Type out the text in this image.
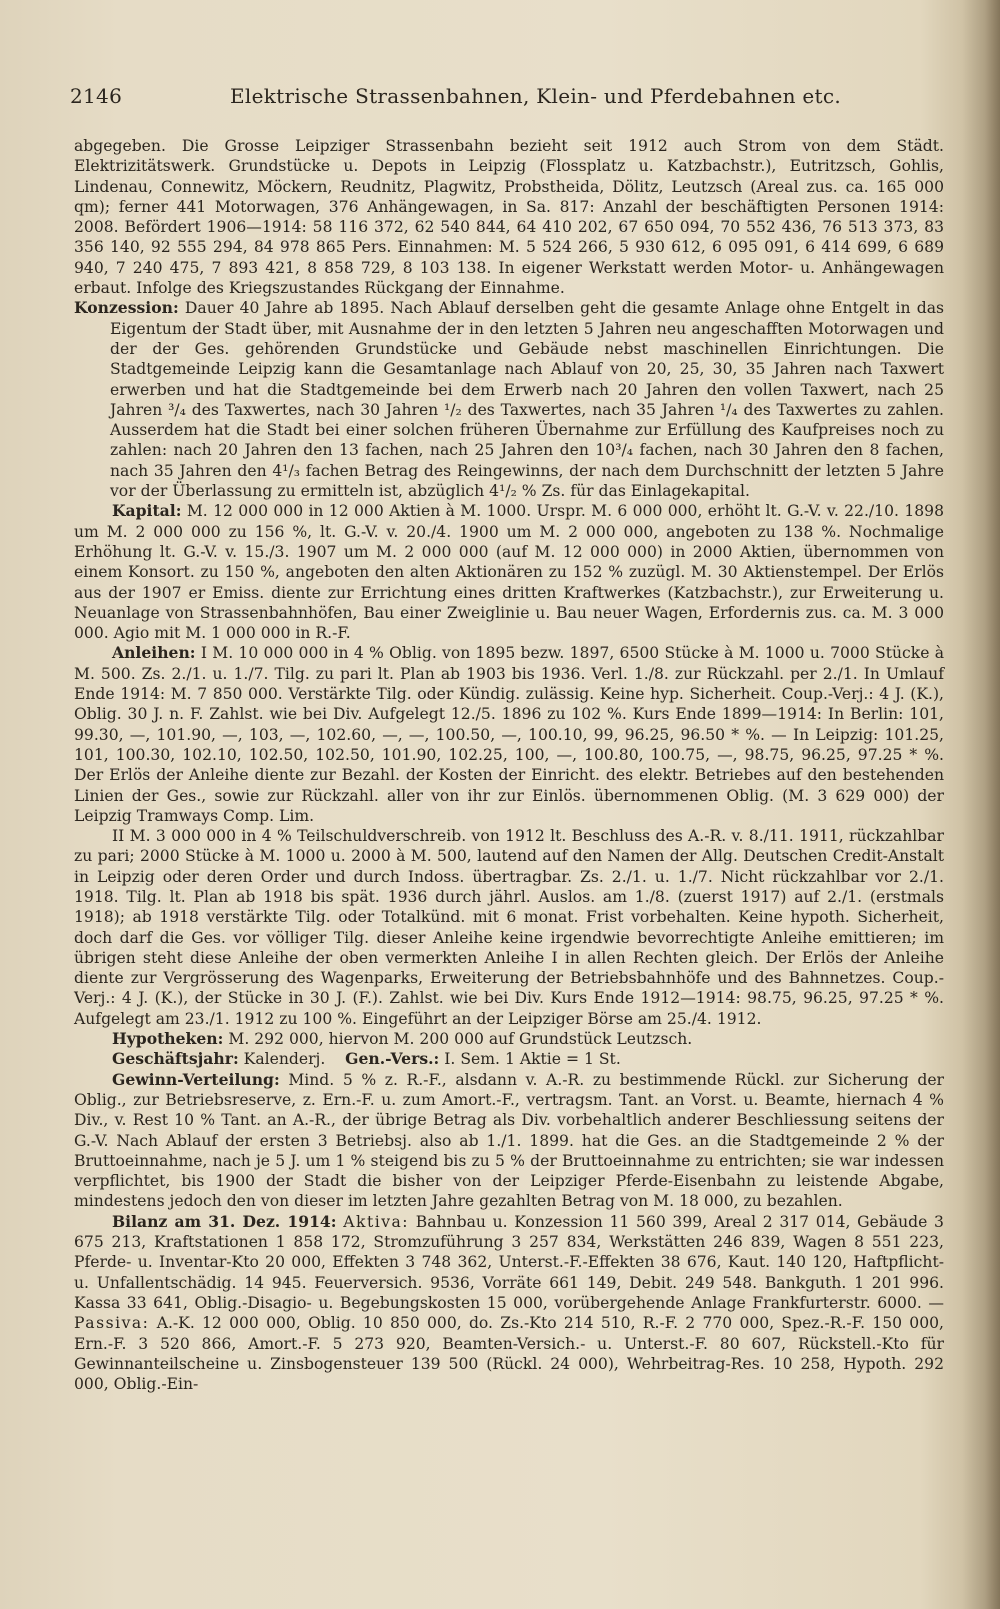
2146	Elektrische Strassenbahnen, Klein- und Pferdebahnen etc.

abgegeben. Die Grosse Leipziger Strassenbahn bezieht seit 1912 auch Strom von dem Städt. Elektrizitätswerk. Grundstücke u. Depots in Leipzig (Flossplatz u. Katzbachstr.), Eutritzsch, Gohlis, Lindenau, Connewitz, Möckern, Reudnitz, Plagwitz, Probstheida, Dölitz, Leutzsch (Areal zus. ca. 165 000 qm); ferner 441 Motorwagen, 376 Anhängewagen, in Sa. 817: Anzahl der beschäftigten Personen 1914: 2008. Befördert 1906—1914: 58 116 372, 62 540 844, 64 410 202, 67 650 094, 70 552 436, 76 513 373, 83 356 140, 92 555 294, 84 978 865 Pers. Einnahmen: M. 5 524 266, 5 930 612, 6 095 091, 6 414 699, 6 689 940, 7 240 475, 7 893 421, 8 858 729, 8 103 138. In eigener Werkstatt werden Motor- u. Anhängewagen erbaut. Infolge des Kriegszustandes Rückgang der Einnahme.

Konzession: Dauer 40 Jahre ab 1895. Nach Ablauf derselben geht die gesamte Anlage ohne Entgelt in das Eigentum der Stadt über, mit Ausnahme der in den letzten 5 Jahren neu angeschafften Motorwagen und der der Ges. gehörenden Grundstücke und Gebäude nebst maschinellen Einrichtungen. Die Stadtgemeinde Leipzig kann die Gesamtanlage nach Ablauf von 20, 25, 30, 35 Jahren nach Taxwert erwerben und hat die Stadtgemeinde bei dem Erwerb nach 20 Jahren den vollen Taxwert, nach 25 Jahren ³/₄ des Taxwertes, nach 30 Jahren ¹/₂ des Taxwertes, nach 35 Jahren ¹/₄ des Taxwertes zu zahlen. Ausserdem hat die Stadt bei einer solchen früheren Übernahme zur Erfüllung des Kaufpreises noch zu zahlen: nach 20 Jahren den 13 fachen, nach 25 Jahren den 10³/₄ fachen, nach 30 Jahren den 8 fachen, nach 35 Jahren den 4¹/₃ fachen Betrag des Reingewinns, der nach dem Durchschnitt der letzten 5 Jahre vor der Überlassung zu ermitteln ist, abzüglich 4¹/₂ % Zs. für das Einlagekapital.

Kapital: M. 12 000 000 in 12 000 Aktien à M. 1000. Urspr. M. 6 000 000, erhöht lt. G.-V. v. 22./10. 1898 um M. 2 000 000 zu 156 %, lt. G.-V. v. 20./4. 1900 um M. 2 000 000, angeboten zu 138 %. Nochmalige Erhöhung lt. G.-V. v. 15./3. 1907 um M. 2 000 000 (auf M. 12 000 000) in 2000 Aktien, übernommen von einem Konsort. zu 150 %, angeboten den alten Aktionären zu 152 % zuzügl. M. 30 Aktienstempel. Der Erlös aus der 1907 er Emiss. diente zur Errichtung eines dritten Kraftwerkes (Katzbachstr.), zur Erweiterung u. Neuanlage von Strassenbahnhöfen, Bau einer Zweiglinie u. Bau neuer Wagen, Erfordernis zus. ca. M. 3 000 000. Agio mit M. 1 000 000 in R.-F.

Anleihen: I M. 10 000 000 in 4 % Oblig. von 1895 bezw. 1897, 6500 Stücke à M. 1000 u. 7000 Stücke à M. 500. Zs. 2./1. u. 1./7. Tilg. zu pari lt. Plan ab 1903 bis 1936. Verl. 1./8. zur Rückzahl. per 2./1. In Umlauf Ende 1914: M. 7 850 000. Verstärkte Tilg. oder Kündig. zulässig. Keine hyp. Sicherheit. Coup.-Verj.: 4 J. (K.), Oblig. 30 J. n. F. Zahlst. wie bei Div. Aufgelegt 12./5. 1896 zu 102 %. Kurs Ende 1899—1914: In Berlin: 101, 99.30, —, 101.90, —, 103, —, 102.60, —, —, 100.50, —, 100.10, 99, 96.25, 96.50 * %. — In Leipzig: 101.25, 101, 100.30, 102.10, 102.50, 102.50, 101.90, 102.25, 100, —, 100.80, 100.75, —, 98.75, 96.25, 97.25 * %. Der Erlös der Anleihe diente zur Bezahl. der Kosten der Einricht. des elektr. Betriebes auf den bestehenden Linien der Ges., sowie zur Rückzahl. aller von ihr zur Einlös. übernommenen Oblig. (M. 3 629 000) der Leipzig Tramways Comp. Lim.

II M. 3 000 000 in 4 % Teilschuldverschreib. von 1912 lt. Beschluss des A.-R. v. 8./11. 1911, rückzahlbar zu pari; 2000 Stücke à M. 1000 u. 2000 à M. 500, lautend auf den Namen der Allg. Deutschen Credit-Anstalt in Leipzig oder deren Order und durch Indoss. übertragbar. Zs. 2./1. u. 1./7. Nicht rückzahlbar vor 2./1. 1918. Tilg. lt. Plan ab 1918 bis spät. 1936 durch jährl. Auslos. am 1./8. (zuerst 1917) auf 2./1. (erstmals 1918); ab 1918 verstärkte Tilg. oder Totalkünd. mit 6 monat. Frist vorbehalten. Keine hypoth. Sicherheit, doch darf die Ges. vor völliger Tilg. dieser Anleihe keine irgendwie bevorrechtigte Anleihe emittieren; im übrigen steht diese Anleihe der oben vermerkten Anleihe I in allen Rechten gleich. Der Erlös der Anleihe diente zur Vergrösserung des Wagenparks, Erweiterung der Betriebsbahnhöfe und des Bahnnetzes. Coup.-Verj.: 4 J. (K.), der Stücke in 30 J. (F.). Zahlst. wie bei Div. Kurs Ende 1912—1914: 98.75, 96.25, 97.25 * %. Aufgelegt am 23./1. 1912 zu 100 %. Eingeführt an der Leipziger Börse am 25./4. 1912.

Hypotheken: M. 292 000, hiervon M. 200 000 auf Grundstück Leutzsch.

Geschäftsjahr: Kalenderj. Gen.-Vers.: I. Sem. 1 Aktie = 1 St.

Gewinn-Verteilung: Mind. 5 % z. R.-F., alsdann v. A.-R. zu bestimmende Rückl. zur Sicherung der Oblig., zur Betriebsreserve, z. Ern.-F. u. zum Amort.-F., vertragsm. Tant. an Vorst. u. Beamte, hiernach 4 % Div., v. Rest 10 % Tant. an A.-R., der übrige Betrag als Div. vorbehaltlich anderer Beschliessung seitens der G.-V. Nach Ablauf der ersten 3 Betriebsj. also ab 1./1. 1899. hat die Ges. an die Stadtgemeinde 2 % der Bruttoeinnahme, nach je 5 J. um 1 % steigend bis zu 5 % der Bruttoeinnahme zu entrichten; sie war indessen verpflichtet, bis 1900 der Stadt die bisher von der Leipziger Pferde-Eisenbahn zu leistende Abgabe, mindestens jedoch den von dieser im letzten Jahre gezahlten Betrag von M. 18 000, zu bezahlen.

Bilanz am 31. Dez. 1914: Aktiva: Bahnbau u. Konzession 11 560 399, Areal 2 317 014, Gebäude 3 675 213, Kraftstationen 1 858 172, Stromzuführung 3 257 834, Werkstätten 246 839, Wagen 8 551 223, Pferde- u. Inventar-Kto 20 000, Effekten 3 748 362, Unterst.-F.-Effekten 38 676, Kaut. 140 120, Haftpflicht- u. Unfallentschädig. 14 945. Feuerversich. 9536, Vorräte 661 149, Debit. 249 548. Bankguth. 1 201 996. Kassa 33 641, Oblig.-Disagio- u. Begebungskosten 15 000, vorübergehende Anlage Frankfurterstr. 6000. — Passiva: A.-K. 12 000 000, Oblig. 10 850 000, do. Zs.-Kto 214 510, R.-F. 2 770 000, Spez.-R.-F. 150 000, Ern.-F. 3 520 866, Amort.-F. 5 273 920, Beamten-Versich.- u. Unterst.-F. 80 607, Rückstell.-Kto für Gewinnanteilscheine u. Zinsbogensteuer 139 500 (Rückl. 24 000), Wehrbeitrag-Res. 10 258, Hypoth. 292 000, Oblig.-Ein-
